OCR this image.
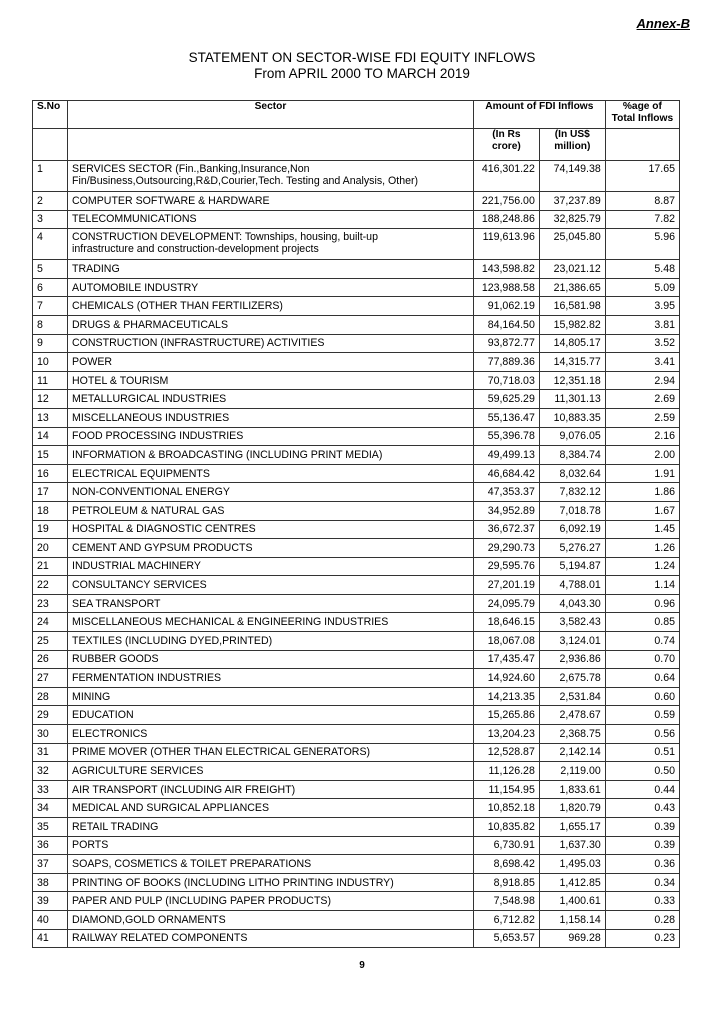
Annex-B
STATEMENT ON SECTOR-WISE FDI EQUITY INFLOWS
From APRIL 2000 TO MARCH 2019
S.No	Sector	Amount of FDI Inflows		%age of Total Inflows
		(In Rs crore)	(In US$ million)	
1	SERVICES SECTOR (Fin.,Banking,Insurance,Non
Fin/Business,Outsourcing,R&D,Courier,Tech. Testing and Analysis, Other)	416,301.22	74,149.38	17.65
2	COMPUTER SOFTWARE & HARDWARE	221,756.00	37,237.89	8.87
3	TELECOMMUNICATIONS	188,248.86	32,825.79	7.82
4	CONSTRUCTION DEVELOPMENT: Townships, housing, built-up
infrastructure and construction-development projects	119,613.96	25,045.80	5.96
5	TRADING	143,598.82	23,021.12	5.48
6	AUTOMOBILE INDUSTRY	123,988.58	21,386.65	5.09
7	CHEMICALS (OTHER THAN FERTILIZERS)	91,062.19	16,581.98	3.95
8	DRUGS & PHARMACEUTICALS	84,164.50	15,982.82	3.81
9	CONSTRUCTION (INFRASTRUCTURE) ACTIVITIES	93,872.77	14,805.17	3.52
10	POWER	77,889.36	14,315.77	3.41
11	HOTEL & TOURISM	70,718.03	12,351.18	2.94
12	METALLURGICAL INDUSTRIES	59,625.29	11,301.13	2.69
13	MISCELLANEOUS INDUSTRIES	55,136.47	10,883.35	2.59
14	FOOD PROCESSING INDUSTRIES	55,396.78	9,076.05	2.16
15	INFORMATION & BROADCASTING (INCLUDING PRINT MEDIA)	49,499.13	8,384.74	2.00
16	ELECTRICAL EQUIPMENTS	46,684.42	8,032.64	1.91
17	NON-CONVENTIONAL ENERGY	47,353.37	7,832.12	1.86
18	PETROLEUM & NATURAL GAS	34,952.89	7,018.78	1.67
19	HOSPITAL & DIAGNOSTIC CENTRES	36,672.37	6,092.19	1.45
20	CEMENT AND GYPSUM PRODUCTS	29,290.73	5,276.27	1.26
21	INDUSTRIAL MACHINERY	29,595.76	5,194.87	1.24
22	CONSULTANCY SERVICES	27,201.19	4,788.01	1.14
23	SEA TRANSPORT	24,095.79	4,043.30	0.96
24	MISCELLANEOUS MECHANICAL & ENGINEERING INDUSTRIES	18,646.15	3,582.43	0.85
25	TEXTILES (INCLUDING DYED,PRINTED)	18,067.08	3,124.01	0.74
26	RUBBER GOODS	17,435.47	2,936.86	0.70
27	FERMENTATION INDUSTRIES	14,924.60	2,675.78	0.64
28	MINING	14,213.35	2,531.84	0.60
29	EDUCATION	15,265.86	2,478.67	0.59
30	ELECTRONICS	13,204.23	2,368.75	0.56
31	PRIME MOVER (OTHER THAN ELECTRICAL GENERATORS)	12,528.87	2,142.14	0.51
32	AGRICULTURE SERVICES	11,126.28	2,119.00	0.50
33	AIR TRANSPORT (INCLUDING AIR FREIGHT)	11,154.95	1,833.61	0.44
34	MEDICAL AND SURGICAL APPLIANCES	10,852.18	1,820.79	0.43
35	RETAIL TRADING	10,835.82	1,655.17	0.39
36	PORTS	6,730.91	1,637.30	0.39
37	SOAPS, COSMETICS & TOILET PREPARATIONS	8,698.42	1,495.03	0.36
38	PRINTING OF BOOKS (INCLUDING LITHO PRINTING INDUSTRY)	8,918.85	1,412.85	0.34
39	PAPER AND PULP (INCLUDING PAPER PRODUCTS)	7,548.98	1,400.61	0.33
40	DIAMOND,GOLD ORNAMENTS	6,712.82	1,158.14	0.28
41	RAILWAY RELATED COMPONENTS	5,653.57	969.28	0.23
9
